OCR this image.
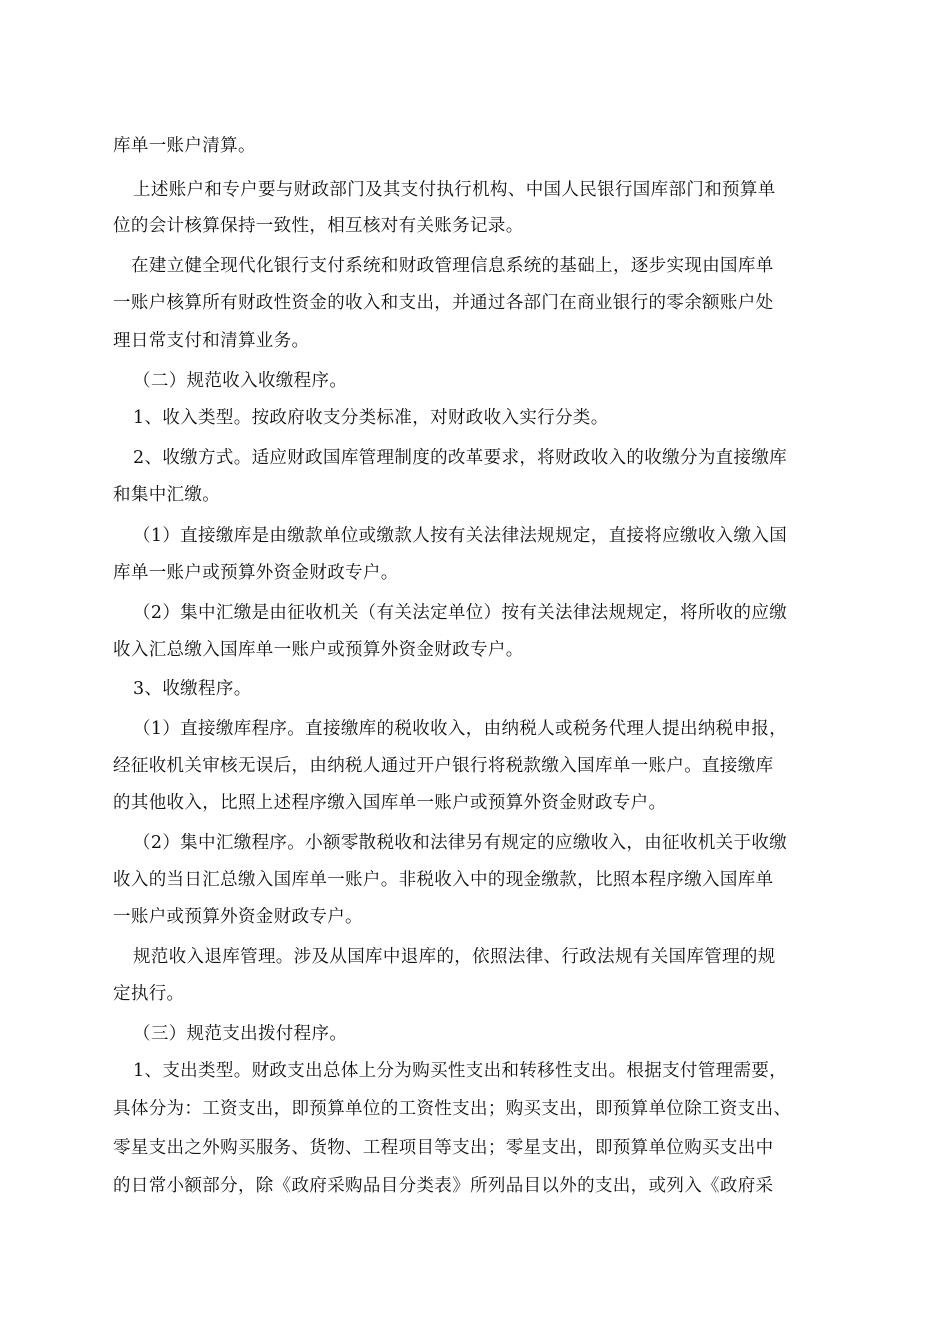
库单一账户清算。
上述账户和专户要与财政部门及其支付执行机构、中国人民银行国库部门和预算单
位的会计核算保持一致性，相互核对有关账务记录。
在建立健全现代化银行支付系统和财政管理信息系统的基础上，逐步实现由国库单
一账户核算所有财政性资金的收入和支出，并通过各部门在商业银行的零余额账户处
理日常支付和清算业务。
（二）规范收入收缴程序。
1、收入类型。按政府收支分类标准，对财政收入实行分类。
2、收缴方式。适应财政国库管理制度的改革要求，将财政收入的收缴分为直接缴库
和集中汇缴。
（1）直接缴库是由缴款单位或缴款人按有关法律法规规定，直接将应缴收入缴入国
库单一账户或预算外资金财政专户。
（2）集中汇缴是由征收机关（有关法定单位）按有关法律法规规定，将所收的应缴
收入汇总缴入国库单一账户或预算外资金财政专户。
3、收缴程序。
（1）直接缴库程序。直接缴库的税收收入，由纳税人或税务代理人提出纳税申报，
经征收机关审核无误后，由纳税人通过开户银行将税款缴入国库单一账户。直接缴库
的其他收入，比照上述程序缴入国库单一账户或预算外资金财政专户。
（2）集中汇缴程序。小额零散税收和法律另有规定的应缴收入，由征收机关于收缴
收入的当日汇总缴入国库单一账户。非税收入中的现金缴款，比照本程序缴入国库单
一账户或预算外资金财政专户。
规范收入退库管理。涉及从国库中退库的，依照法律、行政法规有关国库管理的规
定执行。
（三）规范支出拨付程序。
1、支出类型。财政支出总体上分为购买性支出和转移性支出。根据支付管理需要，
具体分为：工资支出，即预算单位的工资性支出；购买支出，即预算单位除工资支出、
零星支出之外购买服务、货物、工程项目等支出；零星支出，即预算单位购买支出中
的日常小额部分，除《政府采购品目分类表》所列品目以外的支出，或列入《政府采
